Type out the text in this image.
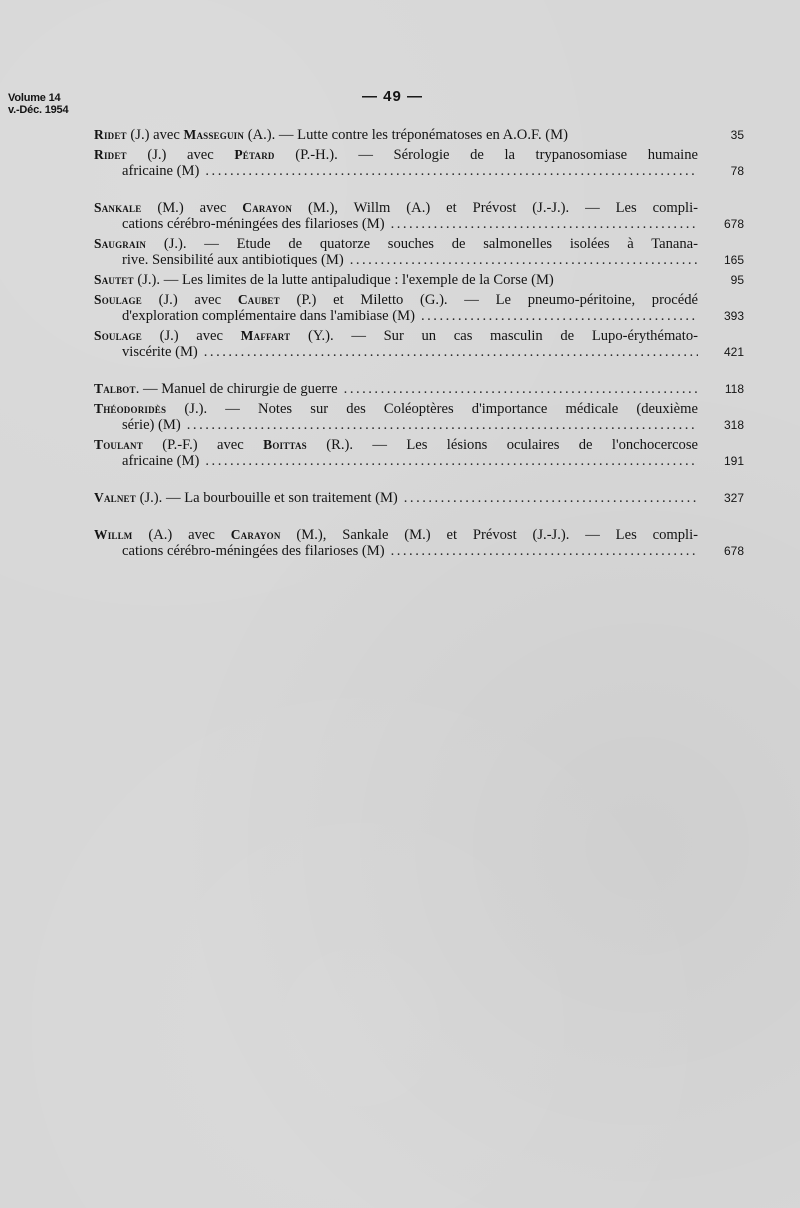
Volume 14
v.-Déc. 1954
— 49 —
Ridet (J.) avec Masseguin (A.). — Lutte contre les tréponématoses en A.O.F. (M)	35
Ridet (J.) avec Pétard (P.-H.). — Sérologie de la trypanosomiase humaine
africaine (M) .....	78
Sankale (M.) avec Carayon (M.), Willm (A.) et Prévost (J.-J.). — Les compli-
cations cérébro-méningées des filarioses (M) .....	678
Saugrain (J.). — Etude de quatorze souches de salmonelles isolées à Tanana-
rive. Sensibilité aux antibiotiques (M) .....	165
Sautet (J.). — Les limites de la lutte antipaludique : l'exemple de la Corse (M)	95
Soulage (J.) avec Caubet (P.) et Miletto (G.). — Le pneumo-péritoine, procédé
d'exploration complémentaire dans l'amibiase (M) .....	393
Soulage (J.) avec Maffart (Y.). — Sur un cas masculin de Lupo-érythémato-
viscérite (M) .....	421
Talbot. — Manuel de chirurgie de guerre .....	118
Théodoridès (J.). — Notes sur des Coléoptères d'importance médicale (deuxième
série) (M) .....	318
Toulant (P.-F.) avec Boittas (R.). — Les lésions oculaires de l'onchocercose
africaine (M) .....	191
Valnet (J.). — La bourbouille et son traitement (M) .....	327
Willm (A.) avec Carayon (M.), Sankale (M.) et Prévost (J.-J.). — Les compli-
cations cérébro-méningées des filarioses (M) .....	678
